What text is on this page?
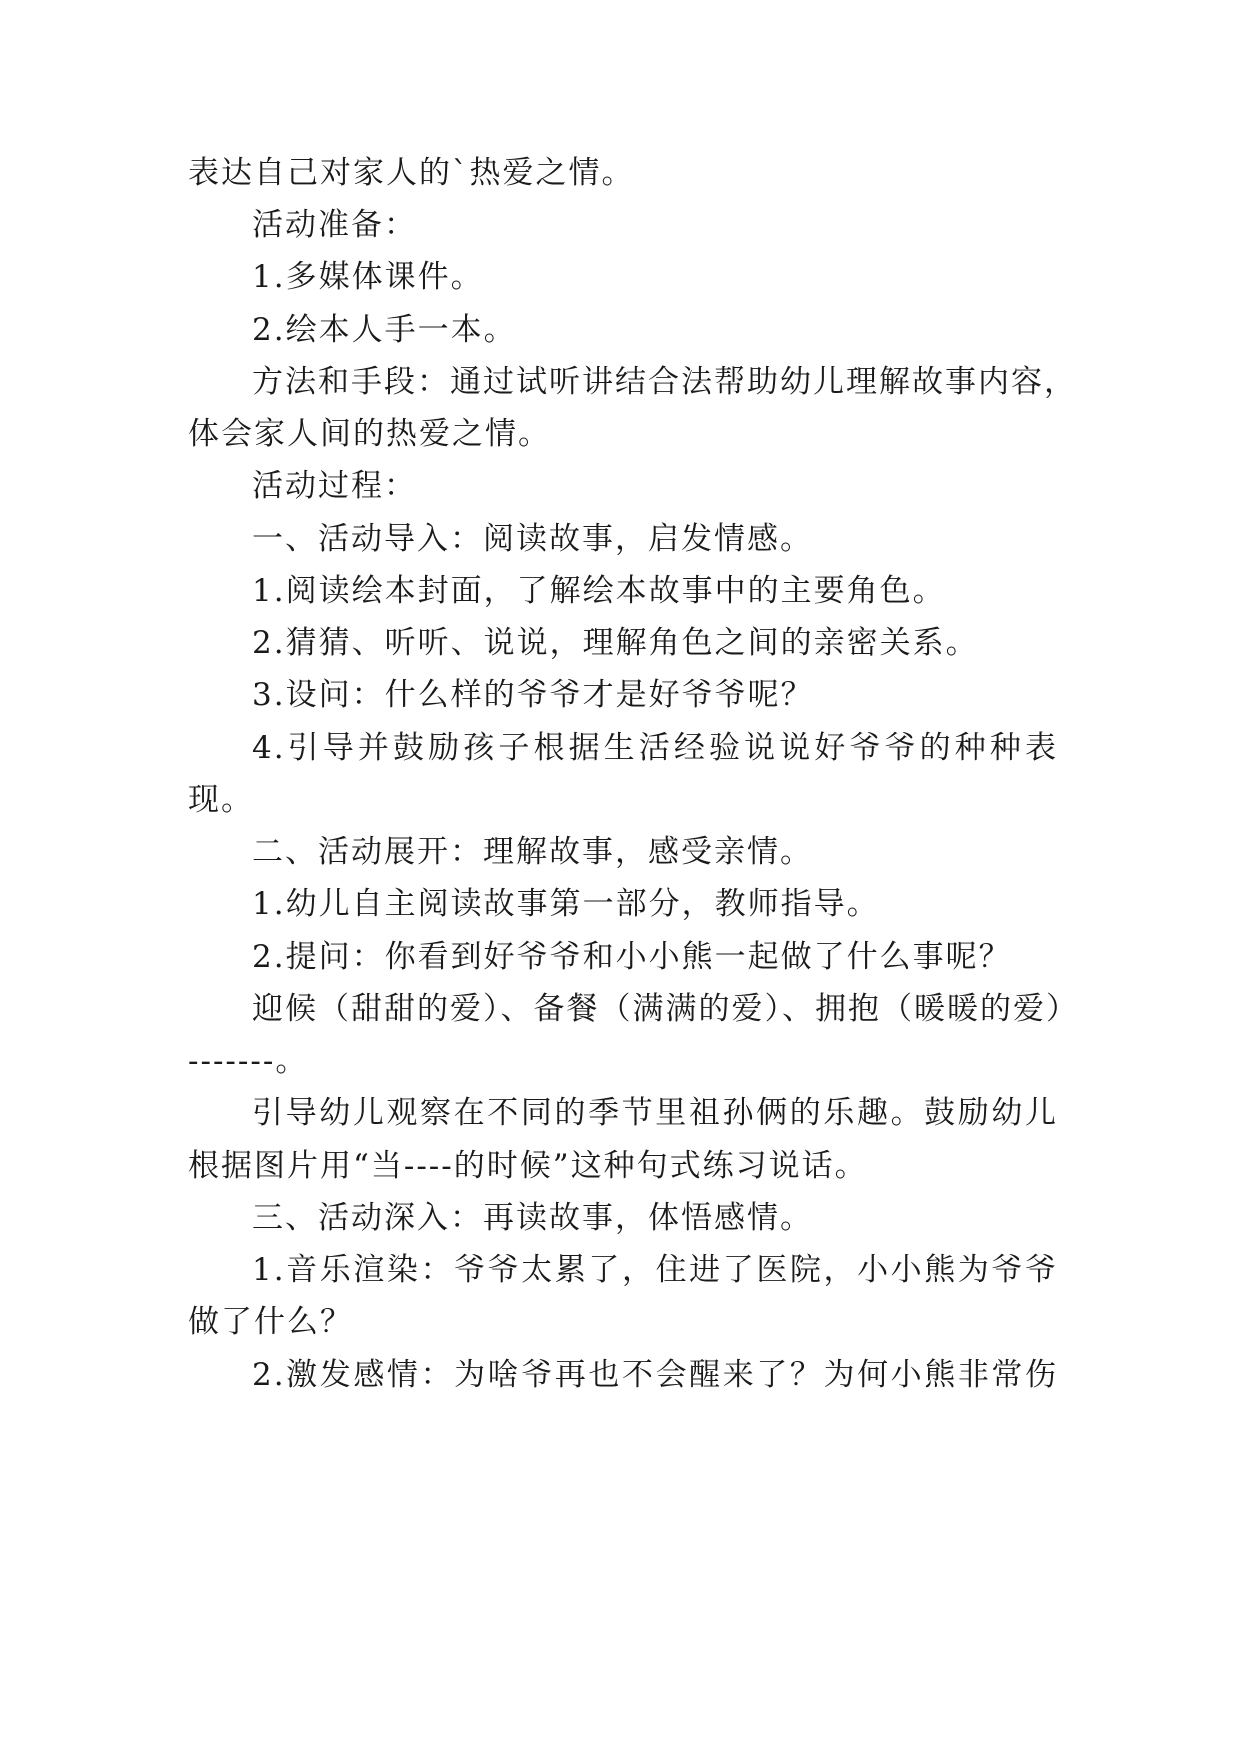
表达自己对家人的`热爱之情。
活动准备：
1.多媒体课件。
2.绘本人手一本。
方法和手段：通过试听讲结合法帮助幼儿理解故事内容，
体会家人间的热爱之情。
活动过程：
一、活动导入：阅读故事，启发情感。
1.阅读绘本封面，了解绘本故事中的主要角色。
2.猜猜、听听、说说，理解角色之间的亲密关系。
3.设问：什么样的爷爷才是好爷爷呢？
4.引导并鼓励孩子根据生活经验说说好爷爷的种种表
现。
二、活动展开：理解故事，感受亲情。
1.幼儿自主阅读故事第一部分，教师指导。
2.提问：你看到好爷爷和小小熊一起做了什么事呢？
迎候（甜甜的爱）、备餐（满满的爱）、拥抱（暖暖的爱）
-------。
引导幼儿观察在不同的季节里祖孙俩的乐趣。鼓励幼儿
根据图片用“当----的时候”这种句式练习说话。
三、活动深入：再读故事，体悟感情。
1.音乐渲染：爷爷太累了，住进了医院，小小熊为爷爷
做了什么？
2.激发感情：为啥爷再也不会醒来了？为何小熊非常伤
